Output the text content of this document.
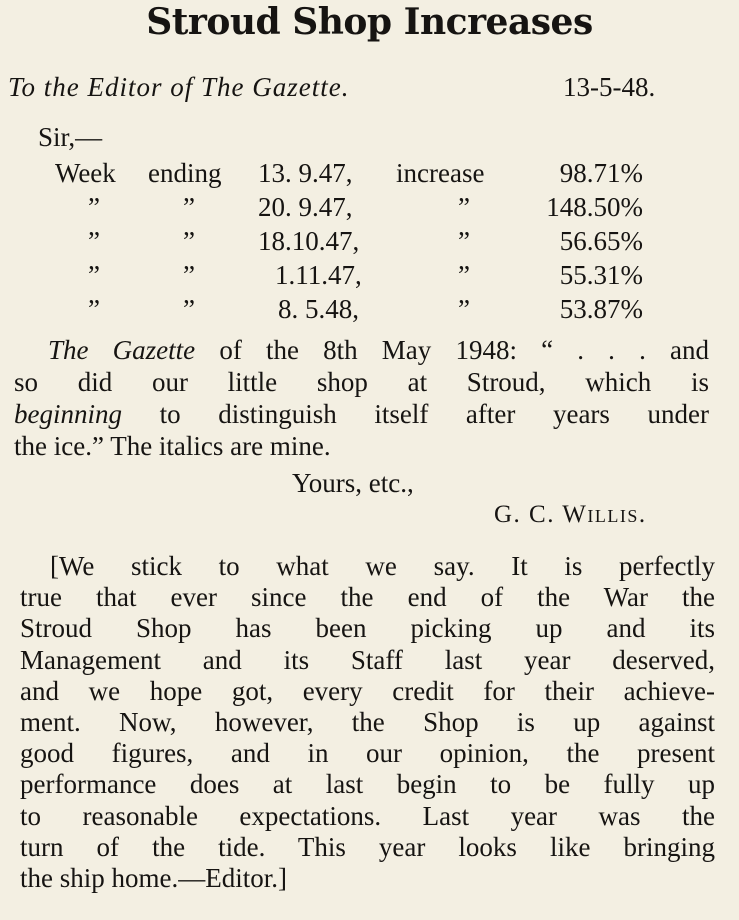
Stroud Shop Increases
To the Editor of The Gazette.	13-5-48.
Sir,—
Week ending 13. 9.47, increase	98.71%
”	” 20. 9.47,	”	148.50%
”	” 18.10.47,	”	56.65%
”	”	1.11.47,	”	55.31%
”	”	8. 5.48,	”	53.87%
The Gazette of the 8th May 1948: “ . . . and
so did our little shop at Stroud, which is
beginning to distinguish itself after years under
the ice.” The italics are mine.
Yours, etc.,
G. C. Willis.
[We stick to what we say. It is perfectly
true that ever since the end of the War the
Stroud Shop has been picking up and its
Management and its Staff last year deserved,
and we hope got, every credit for their achieve-
ment. Now, however, the Shop is up against
good figures, and in our opinion, the present
performance does at last begin to be fully up
to reasonable expectations. Last year was the
turn of the tide. This year looks like bringing
the ship home.—Editor.]
